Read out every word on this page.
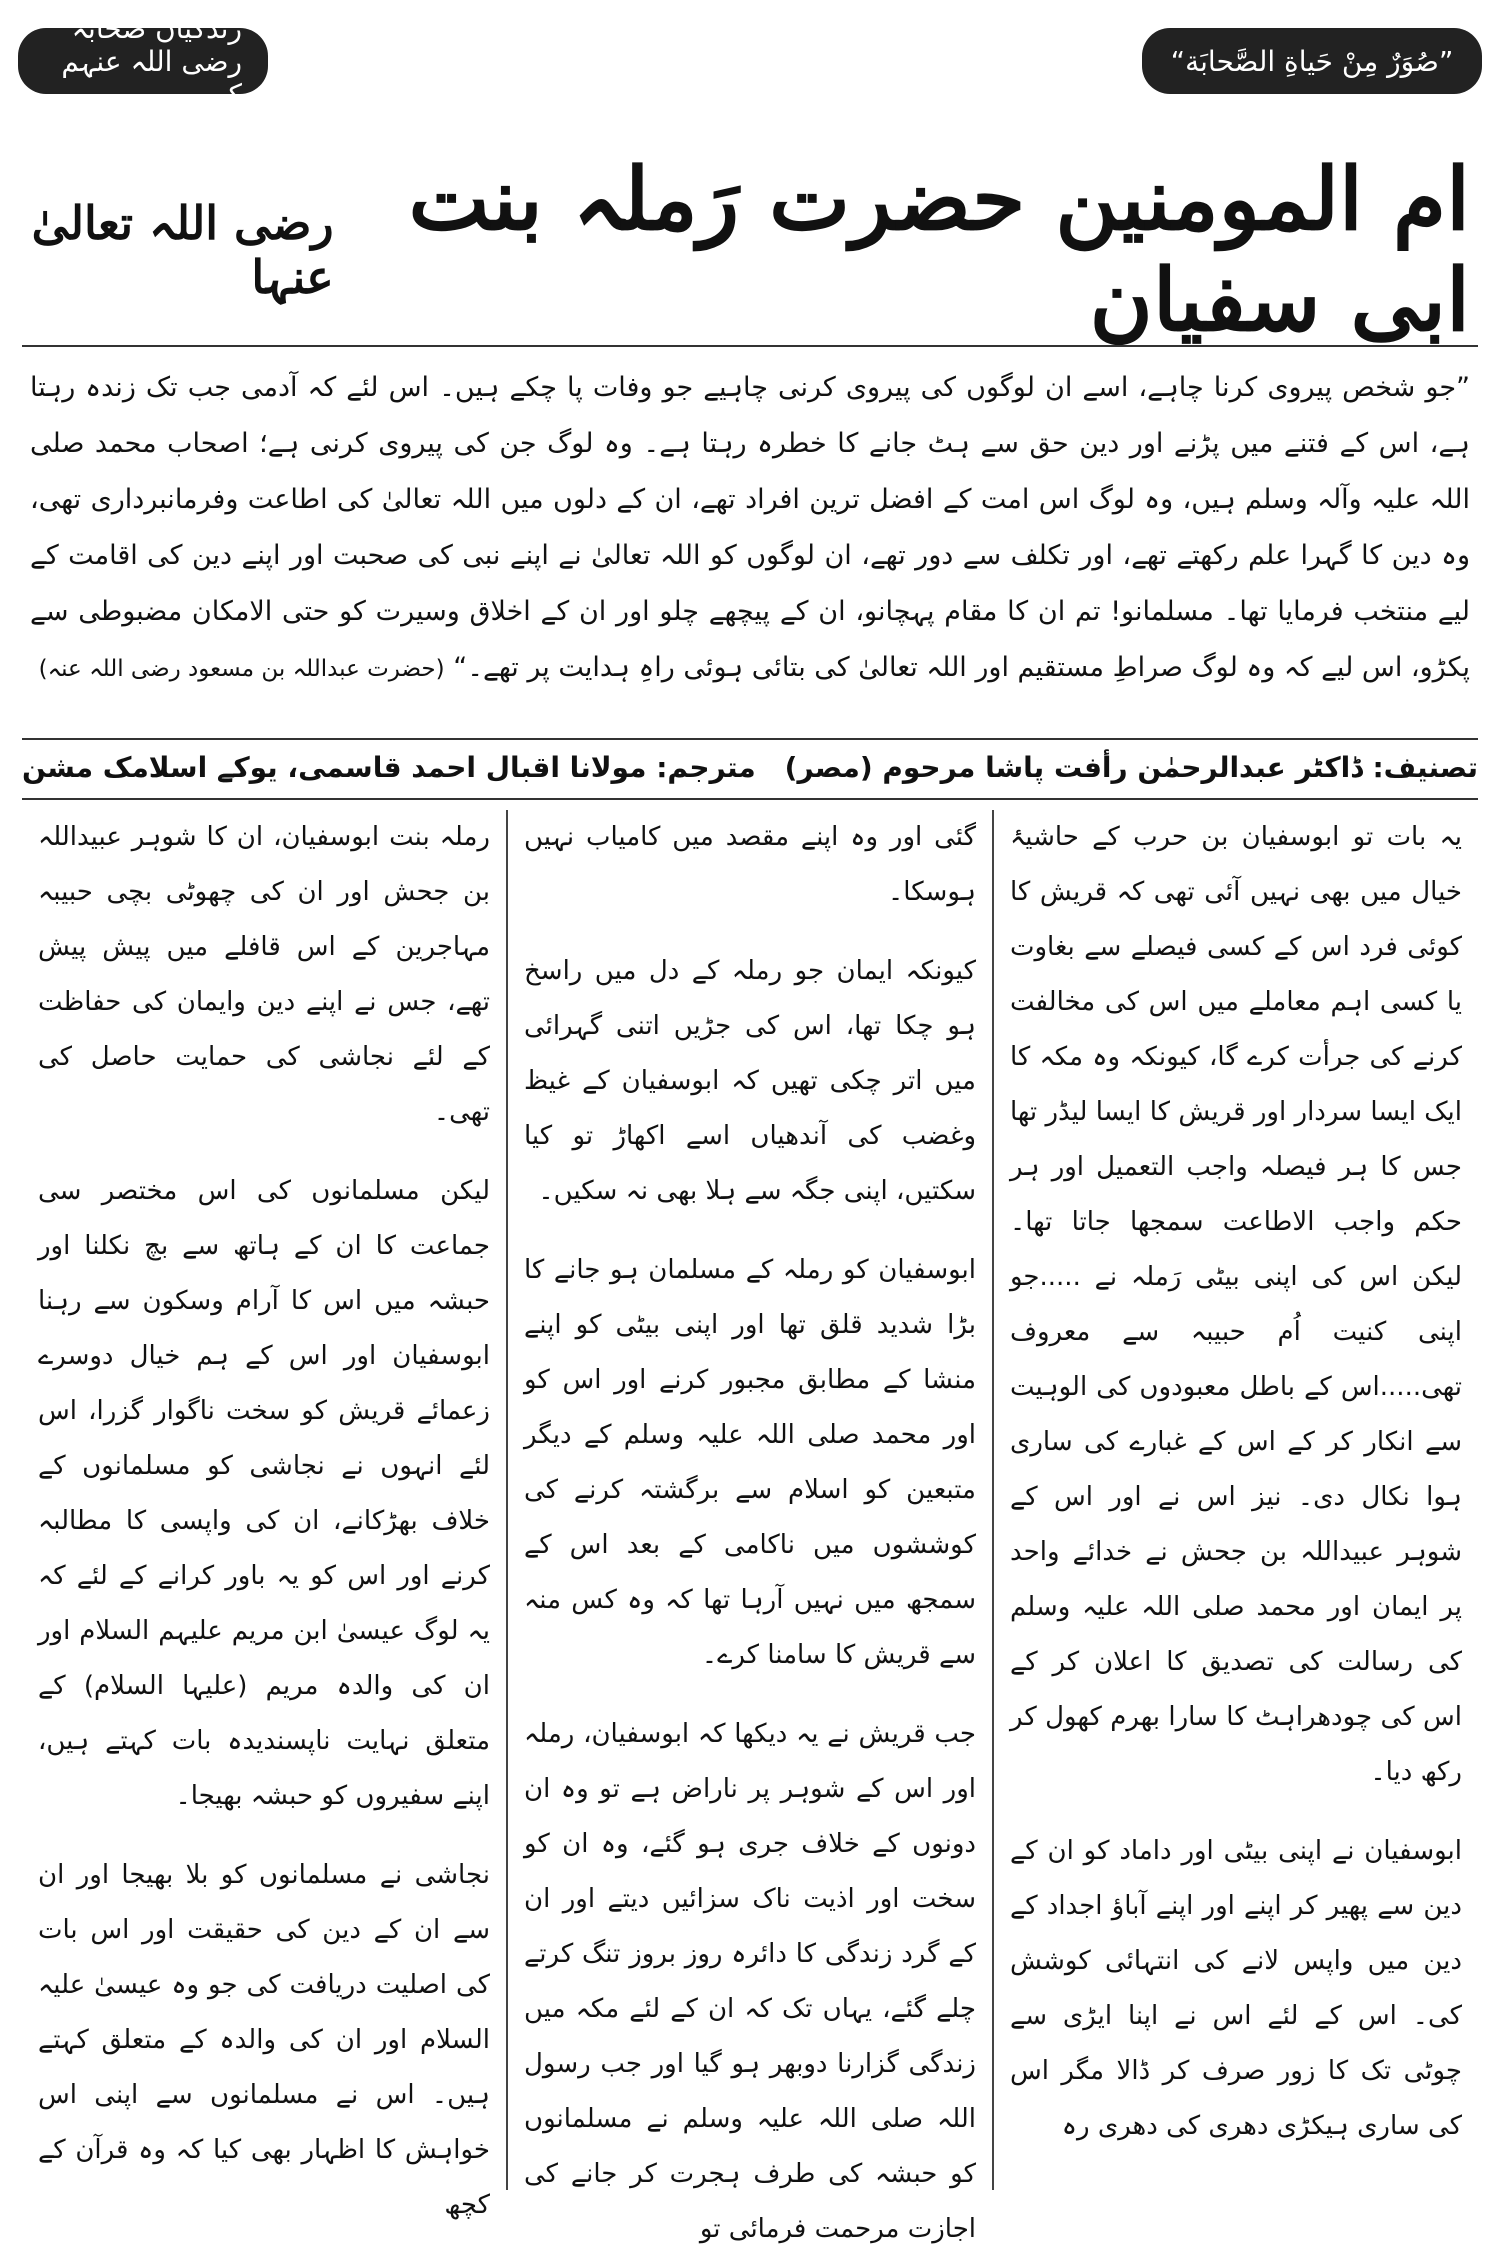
”صُوَرٌ مِنْ حَياةِ الصَّحابَة“
زندگیاں صحابہ رضی اللہ عنہم کی
ام المومنین حضرت رَملہ بنت ابی سفیان
رضی اللہ تعالیٰ عنہا
”جو شخص پیروی کرنا چاہے، اسے ان لوگوں کی پیروی کرنی چاہیے جو وفات پا چکے ہیں۔ اس لئے کہ آدمی جب تک زندہ رہتا ہے، اس کے فتنے میں پڑنے اور دین حق سے ہٹ جانے کا خطرہ رہتا ہے۔ وہ لوگ جن کی پیروی کرنی ہے؛ اصحاب محمد صلی اللہ علیہ وآلہ وسلم ہیں، وہ لوگ اس امت کے افضل ترین افراد تھے، ان کے دلوں میں اللہ تعالیٰ کی اطاعت وفرمانبرداری تھی، وہ دین کا گہرا علم رکھتے تھے، اور تکلف سے دور تھے، ان لوگوں کو اللہ تعالیٰ نے اپنے نبی کی صحبت اور اپنے دین کی اقامت کے لیے منتخب فرمایا تھا۔ مسلمانو! تم ان کا مقام پہچانو، ان کے پیچھے چلو اور ان کے اخلاق وسیرت کو حتی الامکان مضبوطی سے پکڑو، اس لیے کہ وہ لوگ صراطِ مستقیم اور اللہ تعالیٰ کی بتائی ہوئی راہِ ہدایت پر تھے۔“ (حضرت عبداللہ بن مسعود رضی اللہ عنہ)
تصنیف: ڈاکٹر عبدالرحمٰن رأفت پاشا مرحوم (مصر)
مترجم: مولانا اقبال احمد قاسمی، یوکے اسلامک مشن

یہ بات تو ابوسفیان بن حرب کے حاشیۂ خیال میں بھی نہیں آئی تھی کہ قریش کا کوئی فرد اس کے کسی فیصلے سے بغاوت یا کسی اہم معاملے میں اس کی مخالفت کرنے کی جرأت کرے گا، کیونکہ وہ مکہ کا ایک ایسا سردار اور قریش کا ایسا لیڈر تھا جس کا ہر فیصلہ واجب التعمیل اور ہر حکم واجب الاطاعت سمجھا جاتا تھا۔ لیکن اس کی اپنی بیٹی رَملہ نے .....جو اپنی کنیت اُم حبیبہ سے معروف تھی.....اس کے باطل معبودوں کی الوہیت سے انکار کر کے اس کے غبارے کی ساری ہوا نکال دی۔ نیز اس نے اور اس کے شوہر عبیداللہ بن جحش نے خدائے واحد پر ایمان اور محمد صلی اللہ علیہ وسلم کی رسالت کی تصدیق کا اعلان کر کے اس کی چودھراہٹ کا سارا بھرم کھول کر رکھ دیا۔

ابوسفیان نے اپنی بیٹی اور داماد کو ان کے دین سے پھیر کر اپنے اور اپنے آباؤ اجداد کے دین میں واپس لانے کی انتہائی کوشش کی۔ اس کے لئے اس نے اپنا ایڑی سے چوٹی تک کا زور صرف کر ڈالا مگر اس کی ساری ہیکڑی دھری کی دھری رہ

گئی اور وہ اپنے مقصد میں کامیاب نہیں ہوسکا۔

کیونکہ ایمان جو رملہ کے دل میں راسخ ہو چکا تھا، اس کی جڑیں اتنی گہرائی میں اتر چکی تھیں کہ ابوسفیان کے غیظ وغضب کی آندھیاں اسے اکھاڑ تو کیا سکتیں، اپنی جگہ سے ہلا بھی نہ سکیں۔

ابوسفیان کو رملہ کے مسلمان ہو جانے کا بڑا شدید قلق تھا اور اپنی بیٹی کو اپنے منشا کے مطابق مجبور کرنے اور اس کو اور محمد صلی اللہ علیہ وسلم کے دیگر متبعین کو اسلام سے برگشتہ کرنے کی کوششوں میں ناکامی کے بعد اس کے سمجھ میں نہیں آرہا تھا کہ وہ کس منہ سے قریش کا سامنا کرے۔

جب قریش نے یہ دیکھا کہ ابوسفیان، رملہ اور اس کے شوہر پر ناراض ہے تو وہ ان دونوں کے خلاف جری ہو گئے، وہ ان کو سخت اور اذیت ناک سزائیں دیتے اور ان کے گرد زندگی کا دائرہ روز بروز تنگ کرتے چلے گئے، یہاں تک کہ ان کے لئے مکہ میں زندگی گزارنا دوبھر ہو گیا اور جب رسول اللہ صلی اللہ علیہ وسلم نے مسلمانوں کو حبشہ کی طرف ہجرت کر جانے کی اجازت مرحمت فرمائی تو

رملہ بنت ابوسفیان، ان کا شوہر عبیداللہ بن جحش اور ان کی چھوٹی بچی حبیبہ مہاجرین کے اس قافلے میں پیش پیش تھے، جس نے اپنے دین وایمان کی حفاظت کے لئے نجاشی کی حمایت حاصل کی تھی۔

لیکن مسلمانوں کی اس مختصر سی جماعت کا ان کے ہاتھ سے بچ نکلنا اور حبشہ میں اس کا آرام وسکون سے رہنا ابوسفیان اور اس کے ہم خیال دوسرے زعمائے قریش کو سخت ناگوار گزرا، اس لئے انہوں نے نجاشی کو مسلمانوں کے خلاف بھڑکانے، ان کی واپسی کا مطالبہ کرنے اور اس کو یہ باور کرانے کے لئے کہ یہ لوگ عیسیٰ ابن مریم علیہم السلام اور ان کی والدہ مریم (علیہا السلام) کے متعلق نہایت ناپسندیدہ بات کہتے ہیں، اپنے سفیروں کو حبشہ بھیجا۔

نجاشی نے مسلمانوں کو بلا بھیجا اور ان سے ان کے دین کی حقیقت اور اس بات کی اصلیت دریافت کی جو وہ عیسیٰ علیہ السلام اور ان کی والدہ کے متعلق کہتے ہیں۔ اس نے مسلمانوں سے اپنی اس خواہش کا اظہار بھی کیا کہ وہ قرآن کے کچھ
